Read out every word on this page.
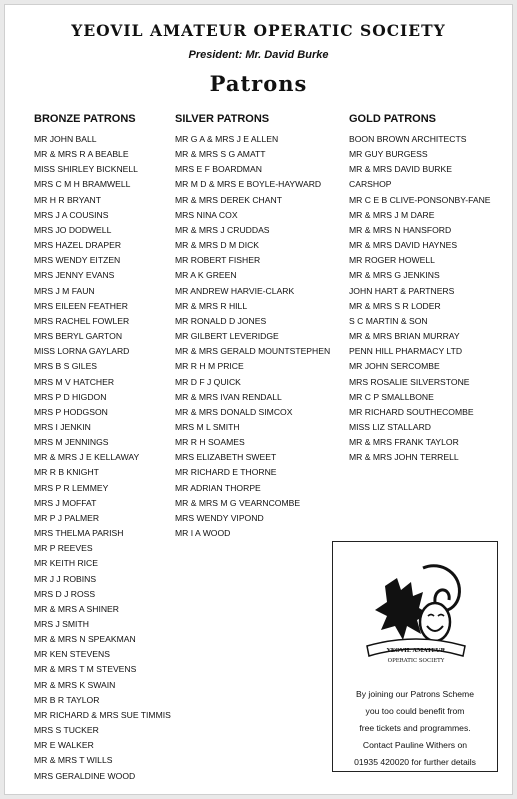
YEOVIL AMATEUR OPERATIC SOCIETY
President: Mr. David Burke
Patrons
BRONZE PATRONS
MR JOHN BALL
MR & MRS R A BEABLE
MISS SHIRLEY BICKNELL
MRS C M H BRAMWELL
MR H R BRYANT
MRS J A COUSINS
MRS JO DODWELL
MRS HAZEL DRAPER
MRS WENDY EITZEN
MRS JENNY EVANS
MRS J M FAUN
MRS EILEEN FEATHER
MRS RACHEL FOWLER
MRS BERYL GARTON
MISS LORNA GAYLARD
MRS B S GILES
MRS M V HATCHER
MRS P D HIGDON
MRS P HODGSON
MRS I JENKIN
MRS M JENNINGS
MR & MRS J E KELLAWAY
MR R B KNIGHT
MRS P R LEMMEY
MRS J MOFFAT
MR P J PALMER
MRS THELMA PARISH
MR P REEVES
MR KEITH RICE
MR J J ROBINS
MRS D J ROSS
MR & MRS A SHINER
MRS J SMITH
MR & MRS N SPEAKMAN
MR KEN STEVENS
MR & MRS T M STEVENS
MR & MRS K SWAIN
MR B R TAYLOR
MR RICHARD & MRS SUE TIMMIS
MRS S TUCKER
MR E WALKER
MR & MRS T WILLS
MRS GERALDINE WOOD
SILVER PATRONS
MR G A & MRS J E ALLEN
MR & MRS S G AMATT
MRS E F BOARDMAN
MR M D & MRS E BOYLE-HAYWARD
MR & MRS DEREK CHANT
MRS NINA COX
MR & MRS J CRUDDAS
MR & MRS D M DICK
MR ROBERT FISHER
MR A K GREEN
MR ANDREW HARVIE-CLARK
MR & MRS R HILL
MR RONALD D JONES
MR GILBERT LEVERIDGE
MR & MRS GERALD MOUNTSTEPHEN
MR R H M PRICE
MR D F J QUICK
MR & MRS IVAN RENDALL
MR & MRS DONALD SIMCOX
MRS M L SMITH
MR R H SOAMES
MRS ELIZABETH SWEET
MR RICHARD E THORNE
MR ADRIAN THORPE
MR & MRS M G VEARNCOMBE
MRS WENDY VIPOND
MR I A WOOD
GOLD PATRONS
BOON BROWN ARCHITECTS
MR GUY BURGESS
MR & MRS DAVID BURKE
CARSHOP
MR C E B CLIVE-PONSONBY-FANE
MR & MRS J M DARE
MR & MRS N HANSFORD
MR & MRS DAVID HAYNES
MR ROGER HOWELL
MR & MRS G JENKINS
JOHN HART & PARTNERS
MR & MRS S R LODER
S C MARTIN & SON
MR & MRS BRIAN MURRAY
PENN HILL PHARMACY LTD
MR JOHN SERCOMBE
MRS ROSALIE SILVERSTONE
MR C P SMALLBONE
MR RICHARD SOUTHECOMBE
MISS LIZ STALLARD
MR & MRS FRANK TAYLOR
MR & MRS JOHN TERRELL
YEOVIL AMATEUR
OPERATIC SOCIETY
By joining our Patrons Scheme
you too could benefit from
free tickets and programmes.
Contact Pauline Withers on
01935 420020 for further details
